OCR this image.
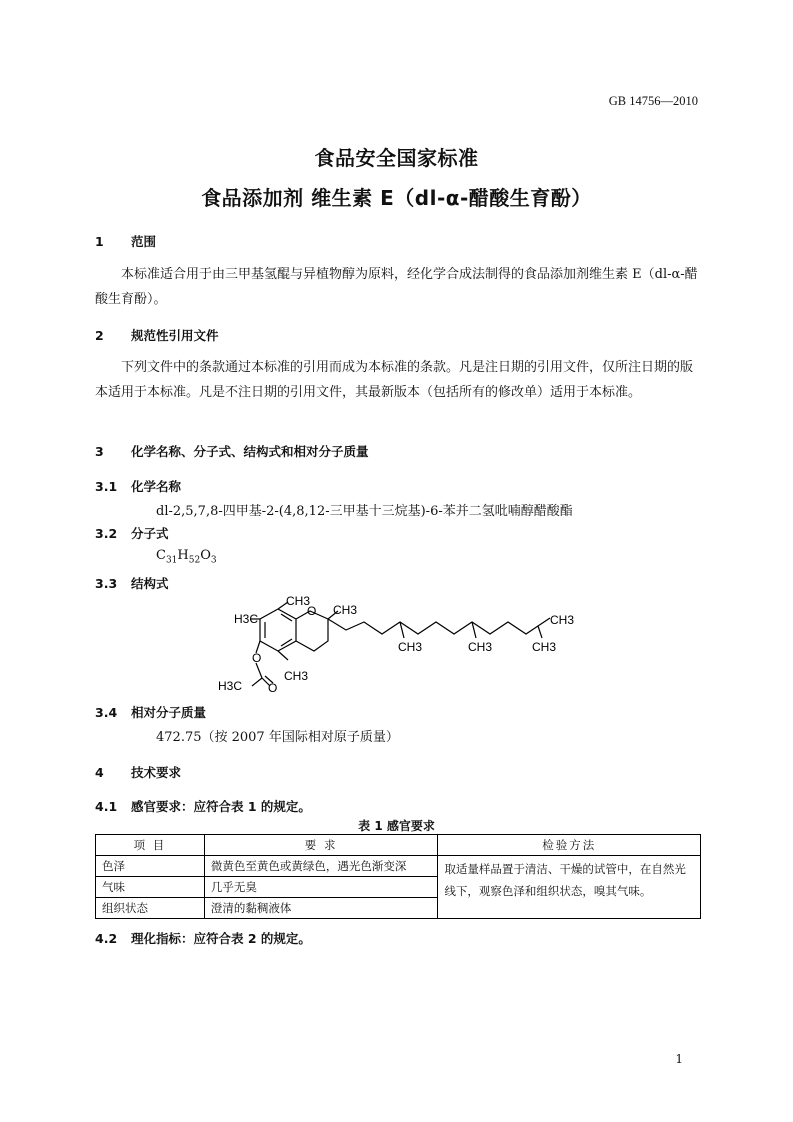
GB 14756—2010
食品安全国家标准
食品添加剂 维生素 E（dl-α-醋酸生育酚）
1 范围
本标准适合用于由三甲基氢醌与异植物醇为原料，经化学合成法制得的食品添加剂维生素 E（dl-α-醋酸生育酚）。
2 规范性引用文件
下列文件中的条款通过本标准的引用而成为本标准的条款。凡是注日期的引用文件，仅所注日期的版本适用于本标准。凡是不注日期的引用文件，其最新版本（包括所有的修改单）适用于本标准。
3 化学名称、分子式、结构式和相对分子质量
3.1 化学名称
dl-2,5,7,8-四甲基-2-(4,8,12-三甲基十三烷基)-6-苯并二氢吡喃醇醋酸酯
3.2 分子式
$C_{31}H_{52}O_3$
3.3 结构式
CH3
CH3
H3C
O
O
CH3
H3C O
CH3	CH3	CH3
CH3
3.4 相对分子质量
472.75（按 2007 年国际相对原子质量）
4 技术要求
4.1 感官要求：应符合表 1 的规定。
表 1 感官要求
项 目	要 求	检验方法
色泽	微黄色至黄色或黄绿色，遇光色渐变深	取适量样品置于清洁、干燥的试管中，在自然光线下，观察色泽和组织状态，嗅其气味。
气味	几乎无臭	
组织状态	澄清的黏稠液体	
4.2 理化指标：应符合表 2 的规定。
1
